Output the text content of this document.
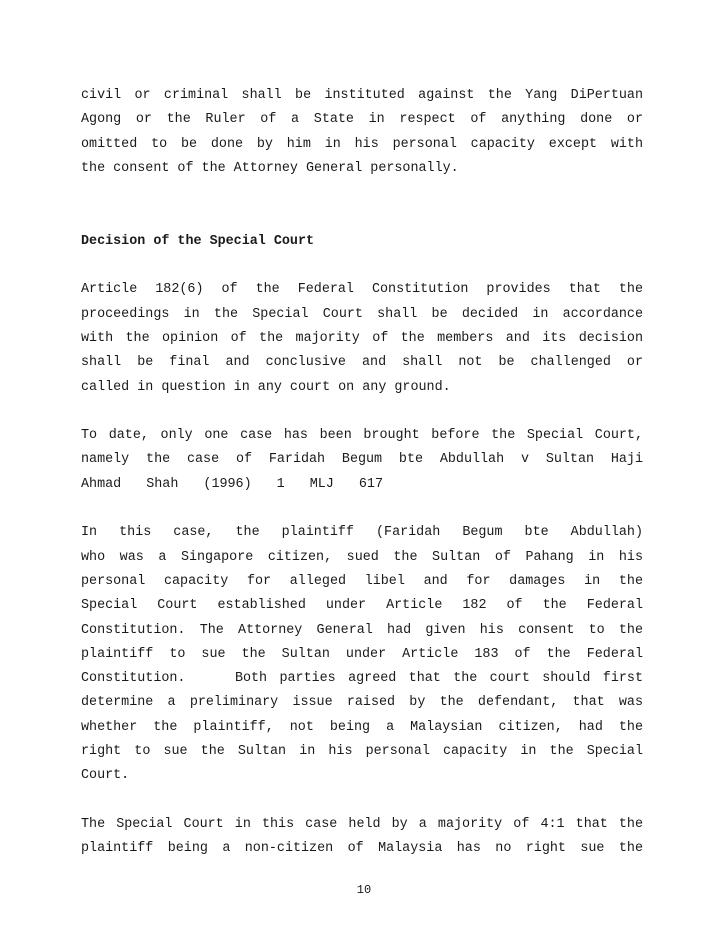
civil or criminal shall be instituted against the Yang DiPertuan
Agong or the Ruler of a State in respect of anything done or
omitted to be done by him in his personal capacity except with
the consent of the Attorney General personally.
Decision of the Special Court
Article 182(6) of the Federal Constitution provides that the
proceedings in the Special Court shall be decided in accordance
with the opinion of the majority of the members and its decision
shall be final and conclusive and shall not be challenged or
called in question in any court on any ground.
To date, only one case has been brought before the Special Court,
namely the case of Faridah Begum bte Abdullah v Sultan Haji
Ahmad Shah (1996) 1 MLJ 617
In this case, the plaintiff (Faridah Begum bte Abdullah)
who was a Singapore citizen, sued the Sultan of Pahang in his
personal capacity for alleged libel and for damages in the
Special Court established under Article 182 of the Federal
Constitution. The Attorney General had given his consent to the
plaintiff to sue the Sultan under Article 183 of the Federal
Constitution.    Both parties agreed that the court should first
determine a preliminary issue raised by the defendant, that was
whether the plaintiff, not being a Malaysian citizen, had the
right to sue the Sultan in his personal capacity in the Special
Court.
The Special Court in this case held by a majority of 4:1 that the
plaintiff being a non-citizen of Malaysia has no right sue the
10
